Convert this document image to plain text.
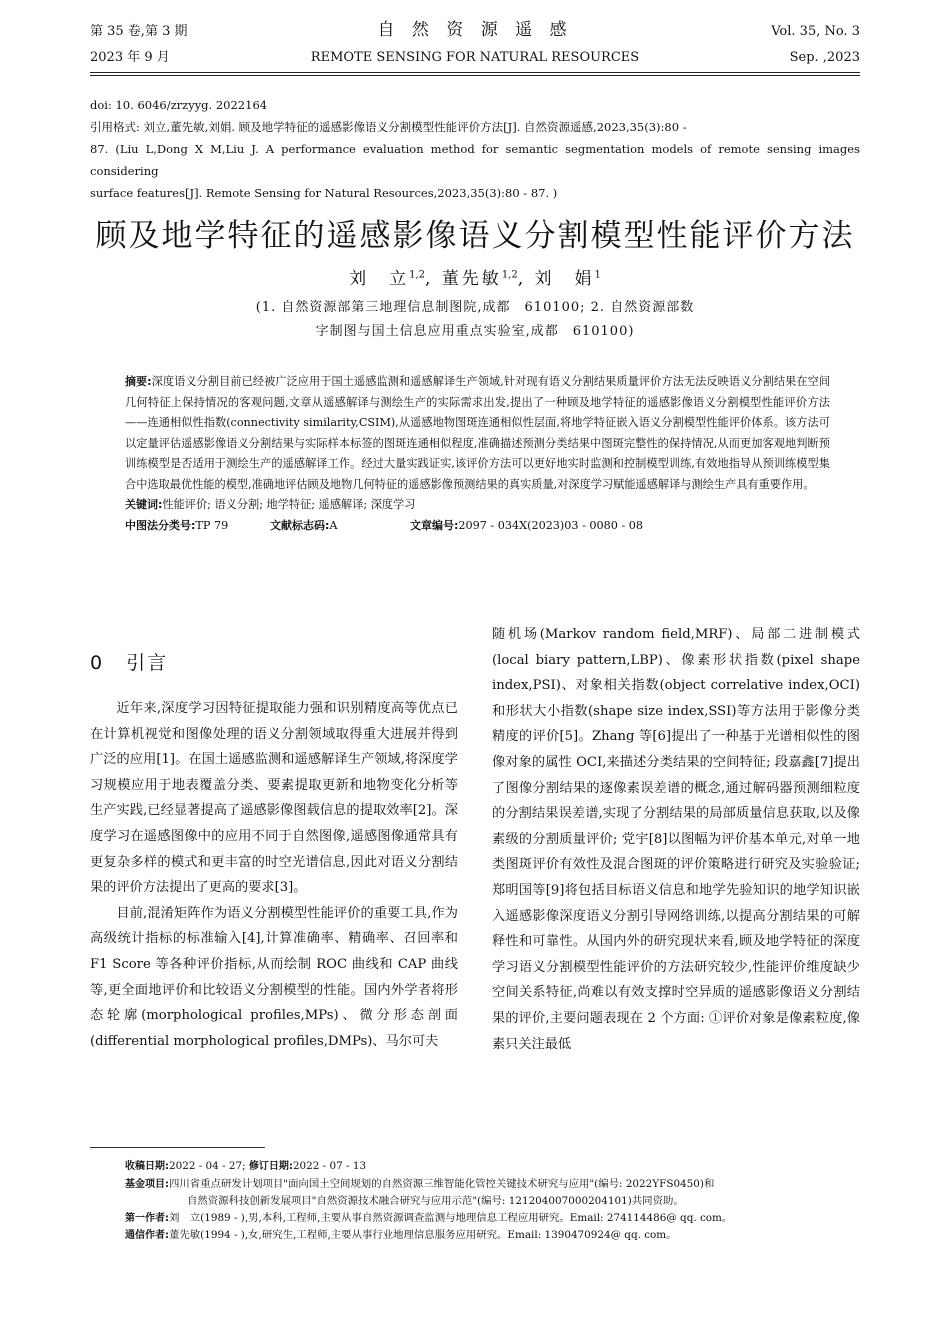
第 35 卷,第 3 期
2023 年 9 月
自 然 资 源 遥 感
REMOTE SENSING FOR NATURAL RESOURCES
Vol. 35, No. 3
Sep. ,2023

doi: 10. 6046/zrzyyg. 2022164

引用格式: 刘立,董先敏,刘娟. 顾及地学特征的遥感影像语义分割模型性能评价方法[J]. 自然资源遥感,2023,35(3):80 -

87. (Liu L,Dong X M,Liu J. A performance evaluation method for semantic segmentation models of remote sensing images considering

surface features[J]. Remote Sensing for Natural Resources,2023,35(3):80 - 87. )

顾及地学特征的遥感影像语义分割模型性能评价方法
刘　立$^{1,2}$, 董先敏$^{1,2}$, 刘　娟$^1$
(1. 自然资源部第三地理信息制图院,成都　610100; 2. 自然资源部数
字制图与国土信息应用重点实验室,成都　610100)

摘要:深度语义分割目前已经被广泛应用于国土遥感监测和遥感解译生产领域,针对现有语义分割结果质量评价方法无法反映语义分割结果在空间几何特征上保持情况的客观问题,文章从遥感解译与测绘生产的实际需求出发,提出了一种顾及地学特征的遥感影像语义分割模型性能评价方法——连通相似性指数(connectivity similarity,CSIM),从遥感地物图斑连通相似性层面,将地学特征嵌入语义分割模型性能评价体系。该方法可以定量评估遥感影像语义分割结果与实际样本标签的图斑连通相似程度,准确描述预测分类结果中图斑完整性的保持情况,从而更加客观地判断预训练模型是否适用于测绘生产的遥感解译工作。经过大量实践证实,该评价方法可以更好地实时监测和控制模型训练,有效地指导从预训练模型集合中选取最优性能的模型,准确地评估顾及地物几何特征的遥感影像预测结果的真实质量,对深度学习赋能遥感解译与测绘生产具有重要作用。

关键词:性能评价; 语义分割; 地学特征; 遥感解译; 深度学习

中图法分类号:TP 79	文献标志码:A	文章编号:2097 - 034X(2023)03 - 0080 - 08

0 引言

近年来,深度学习因特征提取能力强和识别精度高等优点已在计算机视觉和图像处理的语义分割领域取得重大进展并得到广泛的应用[1]。在国土遥感监测和遥感解译生产领域,将深度学习规模应用于地表覆盖分类、要素提取更新和地物变化分析等生产实践,已经显著提高了遥感影像图载信息的提取效率[2]。深度学习在遥感图像中的应用不同于自然图像,遥感图像通常具有更复杂多样的模式和更丰富的时空光谱信息,因此对语义分割结果的评价方法提出了更高的要求[3]。

目前,混淆矩阵作为语义分割模型性能评价的重要工具,作为高级统计指标的标准输入[4],计算准确率、精确率、召回率和 F1 Score 等各种评价指标,从而绘制 ROC 曲线和 CAP 曲线等,更全面地评价和比较语义分割模型的性能。国内外学者将形态轮廓(morphological profiles,MPs)、微分形态剖面(differential morphological profiles,DMPs)、马尔可夫

随机场(Markov random field,MRF)、局部二进制模式(local biary pattern,LBP)、像素形状指数(pixel shape index,PSI)、对象相关指数(object correlative index,OCI)和形状大小指数(shape size index,SSI)等方法用于影像分类精度的评价[5]。Zhang 等[6]提出了一种基于光谱相似性的图像对象的属性 OCI,来描述分类结果的空间特征; 段嘉鑫[7]提出了图像分割结果的逐像素误差谱的概念,通过解码器预测细粒度的分割结果误差谱,实现了分割结果的局部质量信息获取,以及像素级的分割质量评价; 党宇[8]以图幅为评价基本单元,对单一地类图斑评价有效性及混合图斑的评价策略进行研究及实验验证; 郑明国等[9]将包括目标语义信息和地学先验知识的地学知识嵌入遥感影像深度语义分割引导网络训练,以提高分割结果的可解释性和可靠性。从国内外的研究现状来看,顾及地学特征的深度学习语义分割模型性能评价的方法研究较少,性能评价维度缺少空间关系特征,尚难以有效支撑时空异质的遥感影像语义分割结果的评价,主要问题表现在 2 个方面: ①评价对象是像素粒度,像素只关注最低

收稿日期:2022 - 04 - 27; 修订日期:2022 - 07 - 13

基金项目:四川省重点研发计划项目"面向国土空间规划的自然资源三维智能化管控关键技术研究与应用"(编号: 2022YFS0450)和

自然资源科技创新发展项目"自然资源技术融合研究与应用示范"(编号: 121204007000204101)共同资助。

第一作者:刘　立(1989 - ),男,本科,工程师,主要从事自然资源调查监测与地理信息工程应用研究。Email: 274114486@ qq. com。

通信作者:董先敏(1994 - ),女,研究生,工程师,主要从事行业地理信息服务应用研究。Email: 1390470924@ qq. com。
